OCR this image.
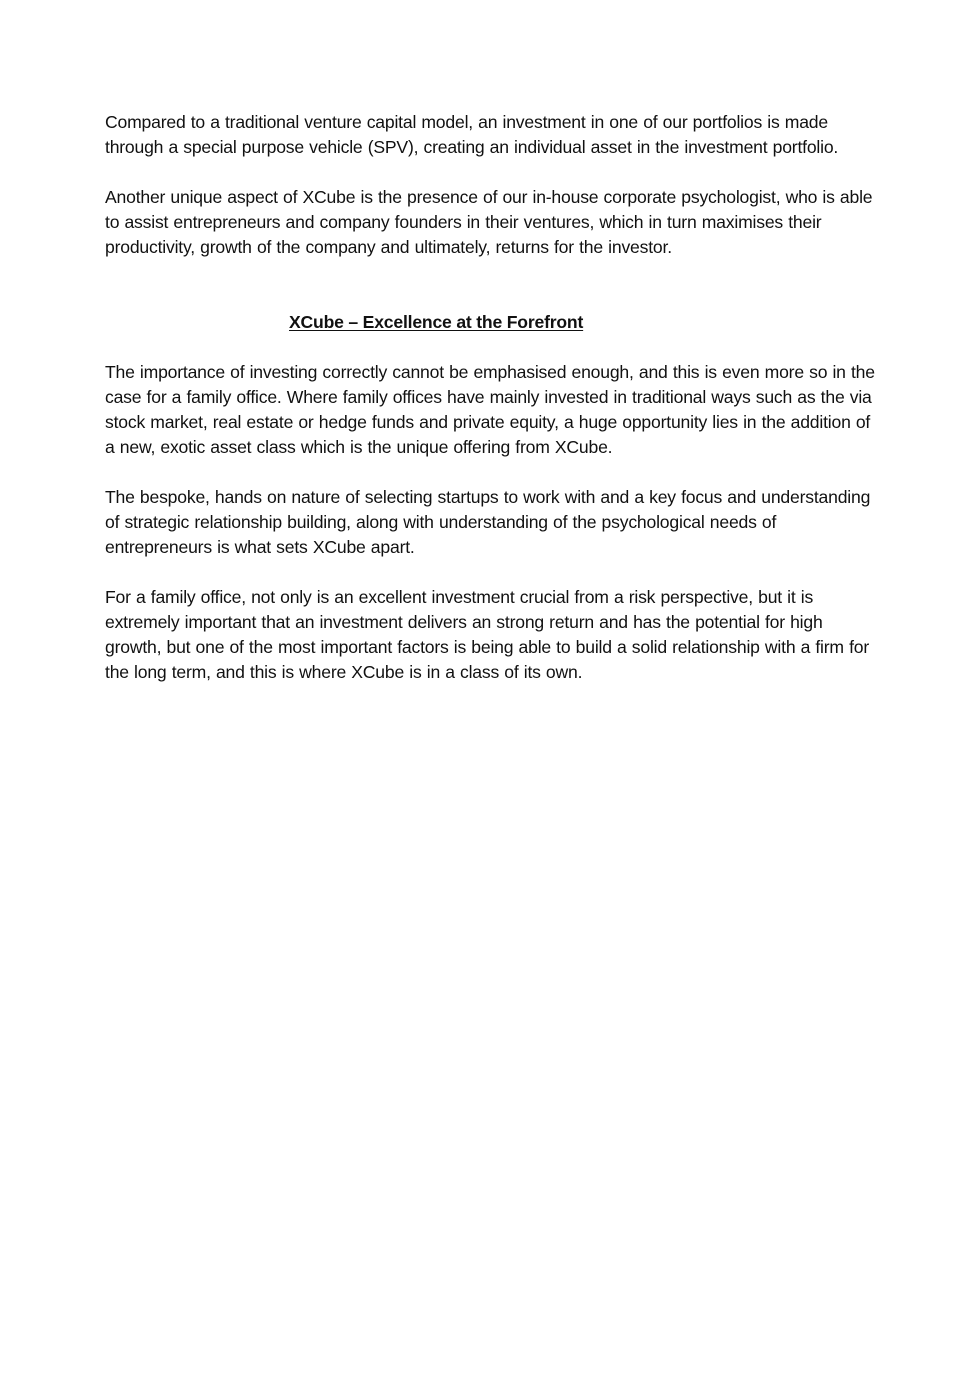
Compared to a traditional venture capital model, an investment in one of our portfolios is made through a special purpose vehicle (SPV), creating an individual asset in the investment portfolio.

Another unique aspect of XCube is the presence of our in-house corporate psychologist, who is able to assist entrepreneurs and company founders in their ventures, which in turn maximises their productivity, growth of the company and ultimately, returns for the investor.

XCube – Excellence at the Forefront

The importance of investing correctly cannot be emphasised enough, and this is even more so in the case for a family office. Where family offices have mainly invested in traditional ways such as the via stock market, real estate or hedge funds and private equity, a huge opportunity lies in the addition of a new, exotic asset class which is the unique offering from XCube.

The bespoke, hands on nature of selecting startups to work with and a key focus and understanding of strategic relationship building, along with understanding of the psychological needs of entrepreneurs is what sets XCube apart.

For a family office, not only is an excellent investment crucial from a risk perspective, but it is extremely important that an investment delivers an strong return and has the potential for high growth, but one of the most important factors is being able to build a solid relationship with a firm for the long term, and this is where XCube is in a class of its own.
